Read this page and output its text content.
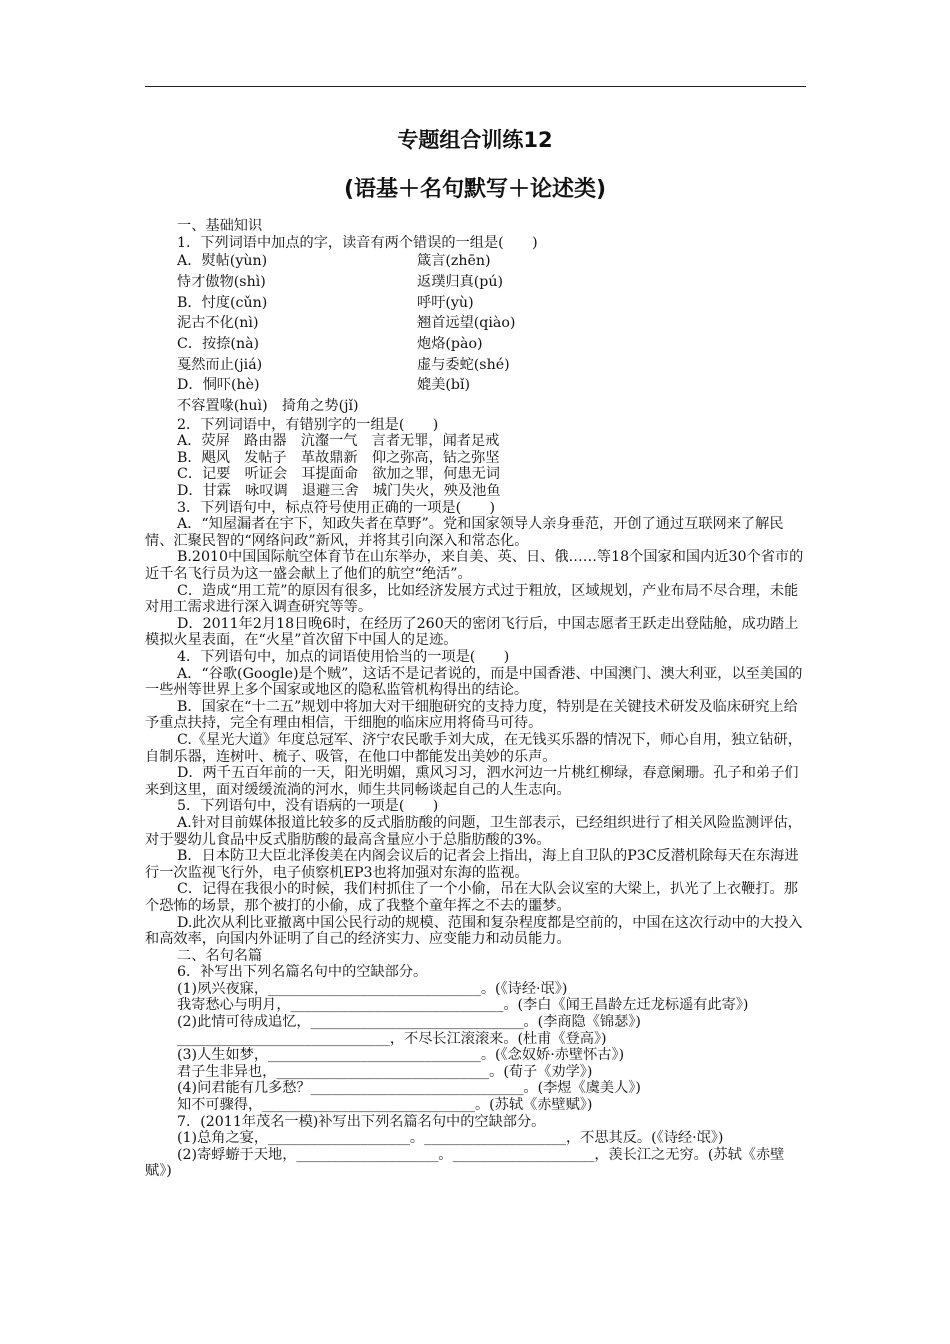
专题组合训练12
(语基＋名句默写＋论述类)
一、基础知识
1．下列词语中加点的字，读音有两个错误的一组是(　　)
A．熨帖(yùn)	箴言(zhēn)
恃才傲物(shì)	返璞归真(pú)
B．忖度(cǔn)	呼吁(yù)
泥古不化(nì)	翘首远望(qiào)
C．按捺(nà)	炮烙(pào)
戛然而止(jiá)	虚与委蛇(shé)
D．恫吓(hè)	媲美(bǐ)
不容置喙(huì)　掎角之势(jǐ)
2．下列词语中，有错别字的一组是(　　)
A．荧屏　路由器　沆瀣一气　言者无罪，闻者足戒
B．飓风　发帖子　革故鼎新　仰之弥高，钻之弥坚
C．记要　听证会　耳提面命　欲加之罪，何患无词
D．甘霖　咏叹调　退避三舍　城门失火，殃及池鱼
3．下列语句中，标点符号使用正确的一项是(　　)
A．“知屋漏者在宇下，知政失者在草野”。党和国家领导人亲身垂范，开创了通过互联网来了解民情、汇聚民智的“网络问政”新风，并将其引向深入和常态化。
B.2010中国国际航空体育节在山东举办，来自美、英、日、俄……等18个国家和国内近30个省市的近千名飞行员为这一盛会献上了他们的航空“绝活”。
C．造成“用工荒”的原因有很多，比如经济发展方式过于粗放，区域规划，产业布局不尽合理，未能对用工需求进行深入调查研究等等。
D．2011年2月18日晚6时，在经历了260天的密闭飞行后，中国志愿者王跃走出登陆舱，成功踏上模拟火星表面，在“火星”首次留下中国人的足迹。
4．下列语句中，加点的词语使用恰当的一项是(　　)
A．“谷歌(Google)是个贼”，这话不是记者说的，而是中国香港、中国澳门、澳大利亚，以至美国的一些州等世界上多个国家或地区的隐私监管机构得出的结论。
B．国家在“十二五”规划中将加大对干细胞研究的支持力度，特别是在关键技术研发及临床研究上给予重点扶持，完全有理由相信，干细胞的临床应用将倚马可待。
C.《星光大道》年度总冠军、济宁农民歌手刘大成，在无钱买乐器的情况下，师心自用，独立钻研，自制乐器，连树叶、梳子、吸管，在他口中都能发出美妙的乐声。
D．两千五百年前的一天，阳光明媚，熏风习习，泗水河边一片桃红柳绿，春意阑珊。孔子和弟子们来到这里，面对缓缓流淌的河水，师生共同畅谈起自己的人生志向。
5．下列语句中，没有语病的一项是(　　)
A.针对目前媒体报道比较多的反式脂肪酸的问题，卫生部表示，已经组织进行了相关风险监测评估，对于婴幼儿食品中反式脂肪酸的最高含量应小于总脂肪酸的3%。
B．日本防卫大臣北泽俊美在内阁会议后的记者会上指出，海上自卫队的P3C反潜机除每天在东海进行一次监视飞行外，电子侦察机EP3也将加强对东海的监视。
C．记得在我很小的时候，我们村抓住了一个小偷，吊在大队会议室的大梁上，扒光了上衣鞭打。那个恐怖的场景，那个被打的小偷，成了我整个童年挥之不去的噩梦。
D.此次从利比亚撤离中国公民行动的规模、范围和复杂程度都是空前的，中国在这次行动中的大投入和高效率，向国内外证明了自己的经济实力、应变能力和动员能力。
二、名句名篇
6．补写出下列名篇名句中的空缺部分。
(1)夙兴夜寐，______________________________。(《诗经·氓》)
我寄愁心与明月，______________________________。(李白《闻王昌龄左迁龙标遥有此寄》)
(2)此情可待成追忆，______________________________。(李商隐《锦瑟》)
______________________________，不尽长江滚滚来。(杜甫《登高》)
(3)人生如梦，______________________________。(《念奴娇·赤壁怀古》)
君子生非异也，______________________________。(荀子《劝学》)
(4)问君能有几多愁？______________________________。(李煜《虞美人》)
知不可骤得，______________________________。(苏轼《赤壁赋》)
7．(2011年茂名一模)补写出下列名篇名句中的空缺部分。
(1)总角之宴，____________________。____________________，不思其反。(《诗经·氓》)
(2)寄蜉蝣于天地，____________________。____________________，羡长江之无穷。(苏轼《赤壁赋》)
